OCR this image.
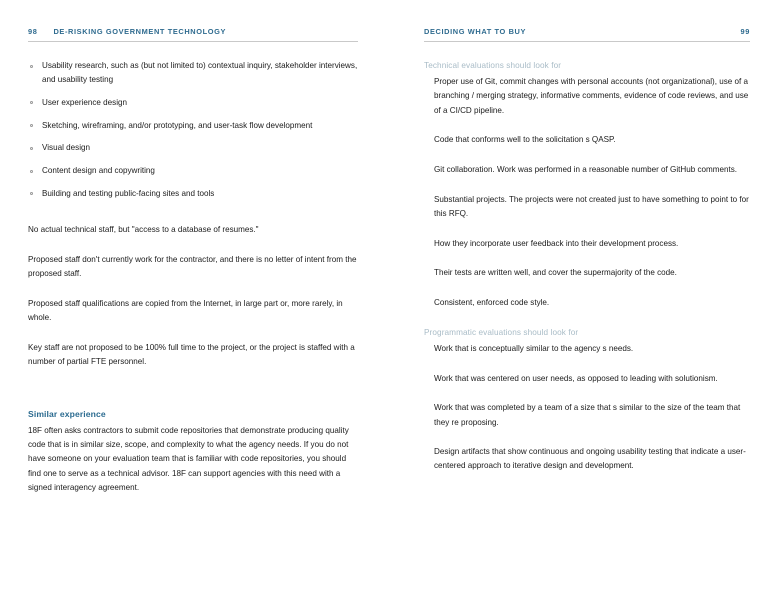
98 DE-RISKING GOVERNMENT TECHNOLOGY
Usability research, such as (but not limited to) contextual inquiry, stakeholder interviews, and usability testing
User experience design
Sketching, wireframing, and/or prototyping, and user-task flow development
Visual design
Content design and copywriting
Building and testing public-facing sites and tools

No actual technical staff, but "access to a database of resumes."

Proposed staff don't currently work for the contractor, and there is no letter of intent from the proposed staff.

Proposed staff qualifications are copied from the Internet, in large part or, more rarely, in whole.

Key staff are not proposed to be 100% full time to the project, or the project is staffed with a number of partial FTE personnel.

Similar experience

18F often asks contractors to submit code repositories that demonstrate producing quality code that is in similar size, scope, and complexity to what the agency needs. If you do not have someone on your evaluation team that is familiar with code repositories, you should find one to serve as a technical advisor. 18F can support agencies with this need with a signed interagency agreement.

DECIDING WHAT TO BUY	99
Technical evaluations should look for
Proper use of Git, commit changes with personal accounts (not organizational), use of a branching / merging strategy, informative comments, evidence of code reviews, and use of a CI/CD pipeline.
Code that conforms well to the solicitation s QASP.
Git collaboration. Work was performed in a reasonable number of GitHub comments.
Substantial projects. The projects were not created just to have something to point to for this RFQ.
How they incorporate user feedback into their development process.
Their tests are written well, and cover the supermajority of the code.
Consistent, enforced code style.
Programmatic evaluations should look for
Work that is conceptually similar to the agency s needs.
Work that was centered on user needs, as opposed to leading with solutionism.
Work that was completed by a team of a size that s similar to the size of the team that they re proposing.
Design artifacts that show continuous and ongoing usability testing that indicate a user-centered approach to iterative design and development.
